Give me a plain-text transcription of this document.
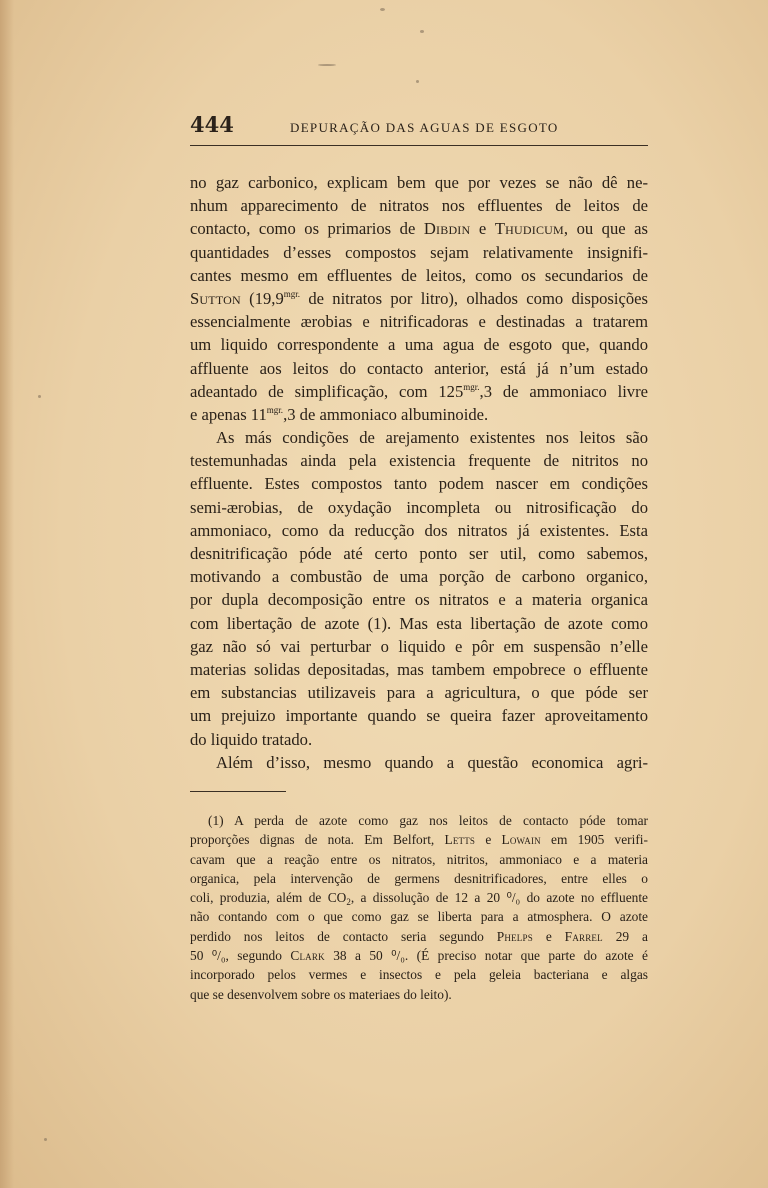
444	DEPURAÇÃO DAS AGUAS DE ESGOTO
no gaz carbonico, explicam bem que por vezes se não dê ne-
nhum apparecimento de nitratos nos effluentes de leitos de
contacto, como os primarios de Dibdin e Thudicum, ou que as
quantidades d’esses compostos sejam relativamente insignifi-
cantes mesmo em effluentes de leitos, como os secundarios de
Sutton ($19,9^{mgr.}$ de nitratos por litro), olhados como disposições
essencialmente ærobias e nitrificadoras e destinadas a tratarem
um liquido correspondente a uma agua de esgoto que, quando
affluente aos leitos do contacto anterior, está já n’um estado
adeantado de simplificação, com $125^{mgr.},3$ de ammoniaco livre
e apenas $11^{mgr.},3$ de ammoniaco albuminoide.
As más condições de arejamento existentes nos leitos são
testemunhadas ainda pela existencia frequente de nitritos no
effluente. Estes compostos tanto podem nascer em condições
semi-ærobias, de oxydação incompleta ou nitrosificação do
ammoniaco, como da reducção dos nitratos já existentes. Esta
desnitrificação póde até certo ponto ser util, como sabemos,
motivando a combustão de uma porção de carbono organico,
por dupla decomposição entre os nitratos e a materia organica
com libertação de azote (1). Mas esta libertação de azote como
gaz não só vai perturbar o liquido e pôr em suspensão n’elle
materias solidas depositadas, mas tambem empobrece o effluente
em substancias utilizaveis para a agricultura, o que póde ser
um prejuizo importante quando se queira fazer aproveitamento
do liquido tratado.
Além d’isso, mesmo quando a questão economica agri-
(1) A perda de azote como gaz nos leitos de contacto póde tomar
proporções dignas de nota. Em Belfort, Letts e Lowain em 1905 verifi-
cavam que a reação entre os nitratos, nitritos, ammoniaco e a materia
organica, pela intervenção de germens desnitrificadores, entre elles o
coli, produzia, além de $CO_2$, a dissolução de 12 a 20 ⁰/₀ do azote no effluente
não contando com o que como gaz se liberta para a atmosphera. O azote
perdido nos leitos de contacto seria segundo Phelps e Farrel 29 a
50 ⁰/₀, segundo Clark 38 a 50 ⁰/₀. (É preciso notar que parte do azote é
incorporado pelos vermes e insectos e pela geleia bacteriana e algas
que se desenvolvem sobre os materiaes do leito).
